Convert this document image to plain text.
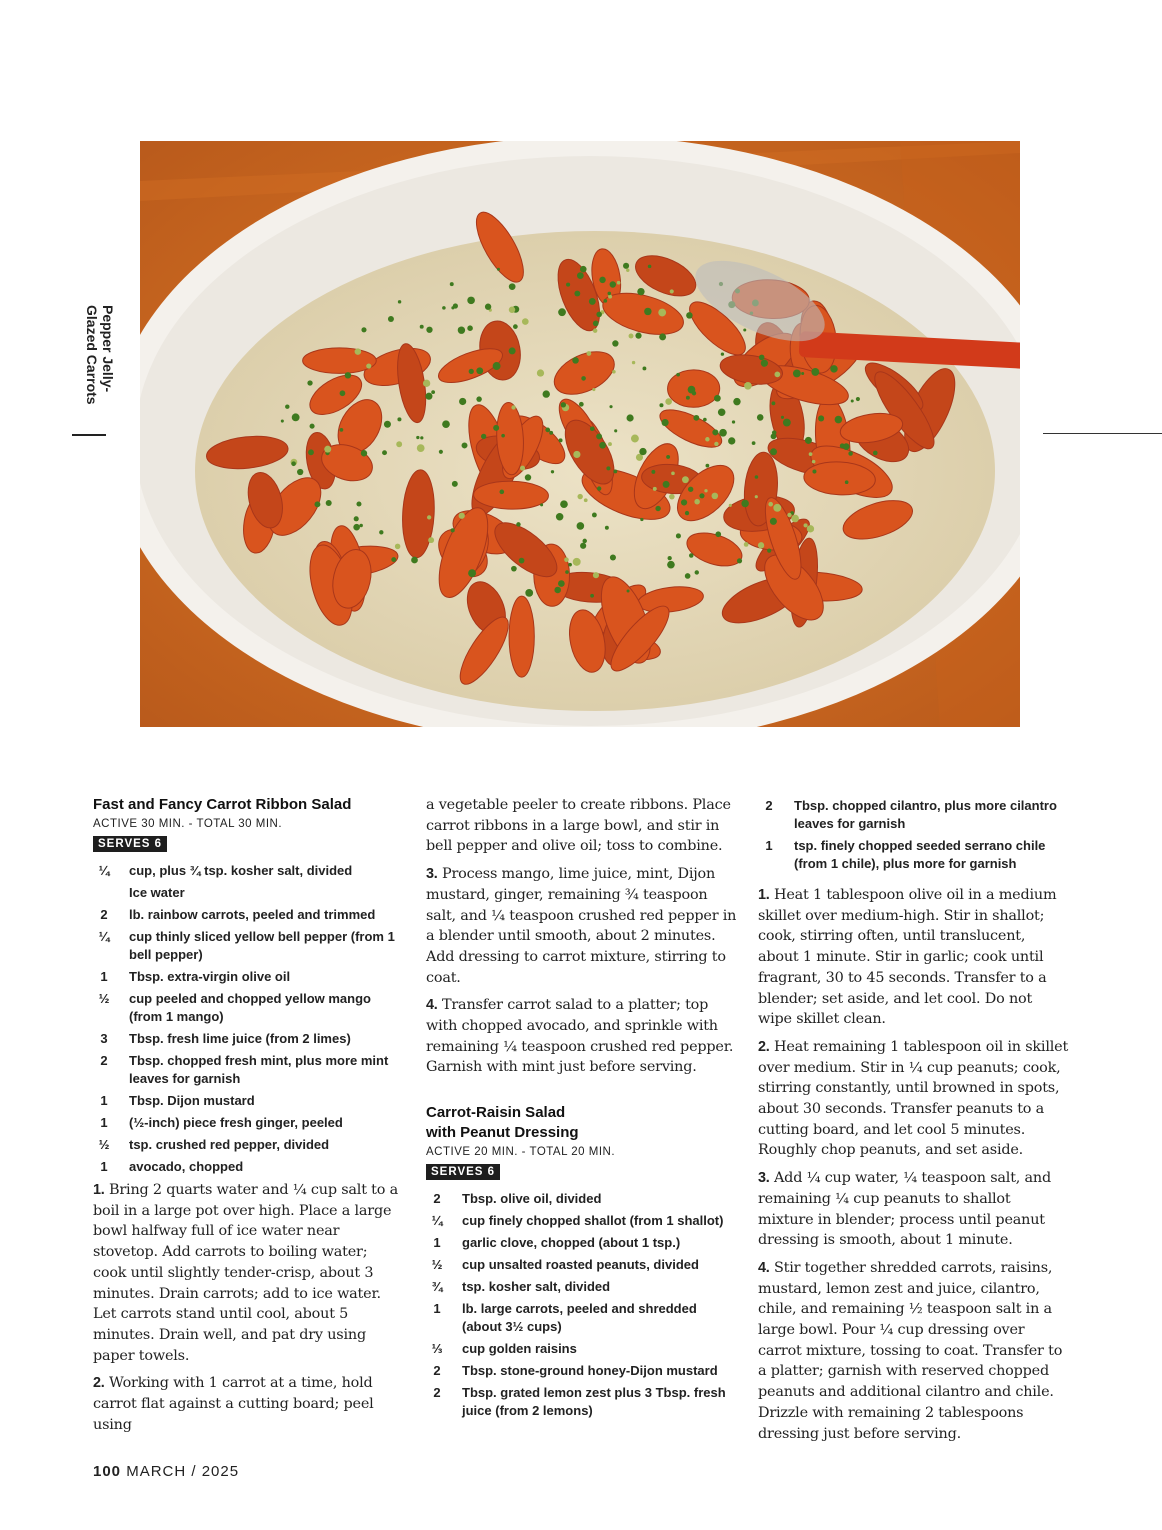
Pepper Jelly-Glazed Carrots
Fast and Fancy Carrot Ribbon Salad
ACTIVE 30 MIN. - TOTAL 30 MIN.
SERVES 6
¼	cup, plus ¾ tsp. kosher salt, divided
Ice water
2	lb. rainbow carrots, peeled and trimmed
¼	cup thinly sliced yellow bell pepper (from 1 bell pepper)
1	Tbsp. extra-virgin olive oil
½	cup peeled and chopped yellow mango (from 1 mango)
3	Tbsp. fresh lime juice (from 2 limes)
2	Tbsp. chopped fresh mint, plus more mint leaves for garnish
1	Tbsp. Dijon mustard
1	(½-inch) piece fresh ginger, peeled
½	tsp. crushed red pepper, divided
1	avocado, chopped
1. Bring 2 quarts water and ¼ cup salt to a boil in a large pot over high. Place a large bowl halfway full of ice water near stovetop. Add carrots to boiling water; cook until slightly tender-crisp, about 3 minutes. Drain carrots; add to ice water. Let carrots stand until cool, about 5 minutes. Drain well, and pat dry using paper towels.
2. Working with 1 carrot at a time, hold carrot flat against a cutting board; peel using
a vegetable peeler to create ribbons. Place carrot ribbons in a large bowl, and stir in bell pepper and olive oil; toss to combine.
3. Process mango, lime juice, mint, Dijon mustard, ginger, remaining ¾ teaspoon salt, and ¼ teaspoon crushed red pepper in a blender until smooth, about 2 minutes. Add dressing to carrot mixture, stirring to coat.
4. Transfer carrot salad to a platter; top with chopped avocado, and sprinkle with remaining ¼ teaspoon crushed red pepper. Garnish with mint just before serving.
Carrot-Raisin Salad
with Peanut Dressing
ACTIVE 20 MIN. - TOTAL 20 MIN.
SERVES 6
2	Tbsp. olive oil, divided
¼	cup finely chopped shallot (from 1 shallot)
1	garlic clove, chopped (about 1 tsp.)
½	cup unsalted roasted peanuts, divided
¾	tsp. kosher salt, divided
1	lb. large carrots, peeled and shredded (about 3½ cups)
⅓	cup golden raisins
2	Tbsp. stone-ground honey-Dijon mustard
2	Tbsp. grated lemon zest plus 3 Tbsp. fresh juice (from 2 lemons)
2	Tbsp. chopped cilantro, plus more cilantro leaves for garnish
1	tsp. finely chopped seeded serrano chile (from 1 chile), plus more for garnish
1. Heat 1 tablespoon olive oil in a medium skillet over medium-high. Stir in shallot; cook, stirring often, until translucent, about 1 minute. Stir in garlic; cook until fragrant, 30 to 45 seconds. Transfer to a blender; set aside, and let cool. Do not wipe skillet clean.
2. Heat remaining 1 tablespoon oil in skillet over medium. Stir in ¼ cup peanuts; cook, stirring constantly, until browned in spots, about 30 seconds. Transfer peanuts to a cutting board, and let cool 5 minutes. Roughly chop peanuts, and set aside.
3. Add ¼ cup water, ¼ teaspoon salt, and remaining ¼ cup peanuts to shallot mixture in blender; process until peanut dressing is smooth, about 1 minute.
4. Stir together shredded carrots, raisins, mustard, lemon zest and juice, cilantro, chile, and remaining ½ teaspoon salt in a large bowl. Pour ¼ cup dressing over carrot mixture, tossing to coat. Transfer to a platter; garnish with reserved chopped peanuts and additional cilantro and chile. Drizzle with remaining 2 tablespoons dressing just before serving.
100 MARCH / 2025
